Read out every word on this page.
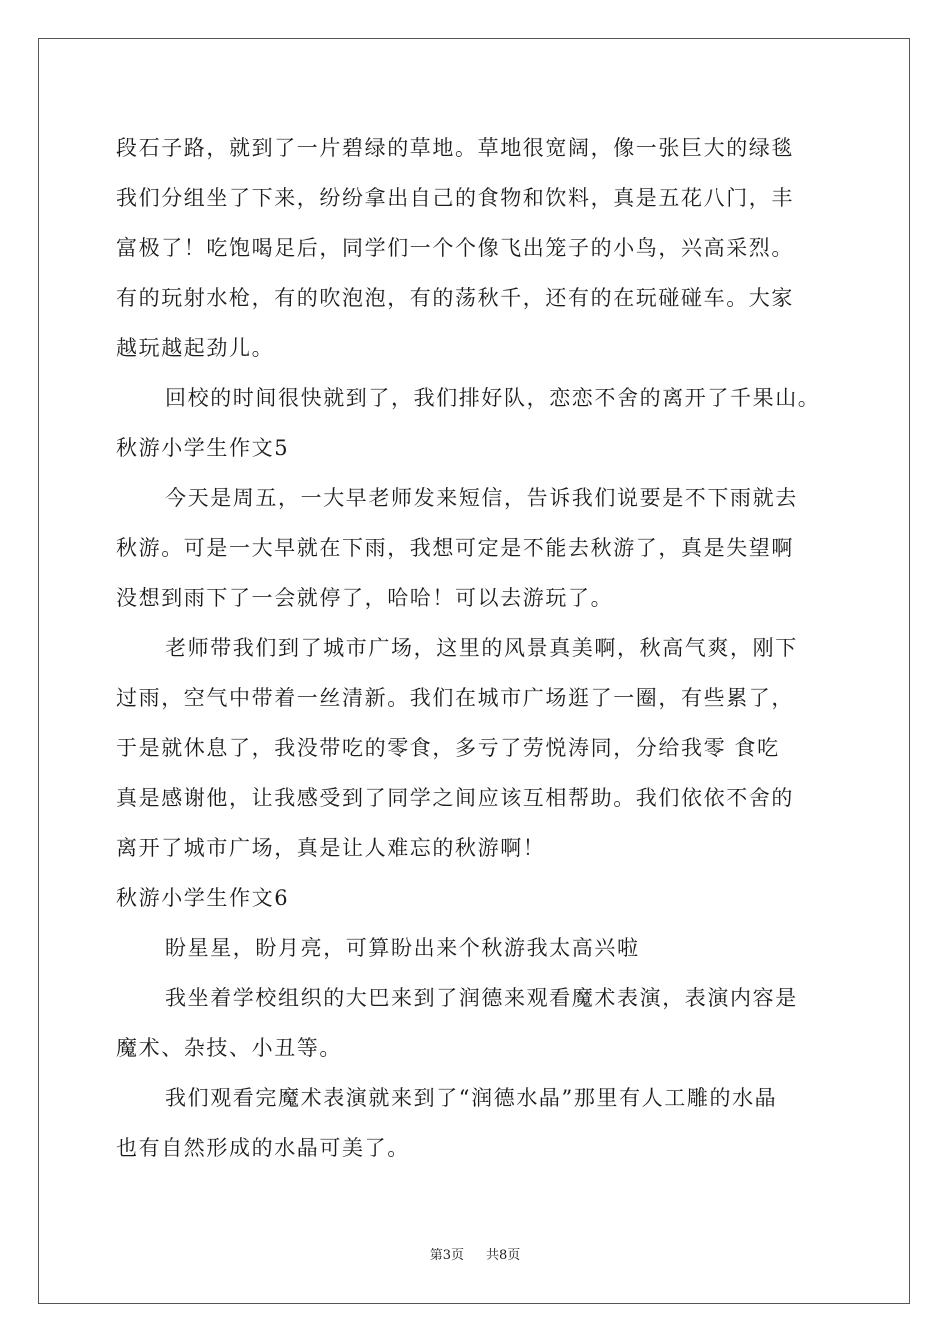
段石子路，就到了一片碧绿的草地。草地很宽阔，像一张巨大的绿毯
我们分组坐了下来，纷纷拿出自己的食物和饮料，真是五花八门，丰
富极了！吃饱喝足后，同学们一个个像飞出笼子的小鸟，兴高采烈。
有的玩射水枪，有的吹泡泡，有的荡秋千，还有的在玩碰碰车。大家
越玩越起劲儿。
回校的时间很快就到了，我们排好队，恋恋不舍的离开了千果山。
秋游小学生作文5
今天是周五，一大早老师发来短信，告诉我们说要是不下雨就去
秋游。可是一大早就在下雨，我想可定是不能去秋游了，真是失望啊
没想到雨下了一会就停了，哈哈！可以去游玩了。
老师带我们到了城市广场，这里的风景真美啊，秋高气爽，刚下
过雨，空气中带着一丝清新。我们在城市广场逛了一圈，有些累了，
于是就休息了，我没带吃的零食，多亏了劳悦涛同，分给我零 食吃
真是感谢他，让我感受到了同学之间应该互相帮助。我们依依不舍的
离开了城市广场，真是让人难忘的秋游啊！
秋游小学生作文6
盼星星，盼月亮，可算盼出来个秋游我太高兴啦
我坐着学校组织的大巴来到了润德来观看魔术表演，表演内容是
魔术、杂技、小丑等。
我们观看完魔术表演就来到了“润德水晶”那里有人工雕的水晶
也有自然形成的水晶可美了。
第3页 共8页
